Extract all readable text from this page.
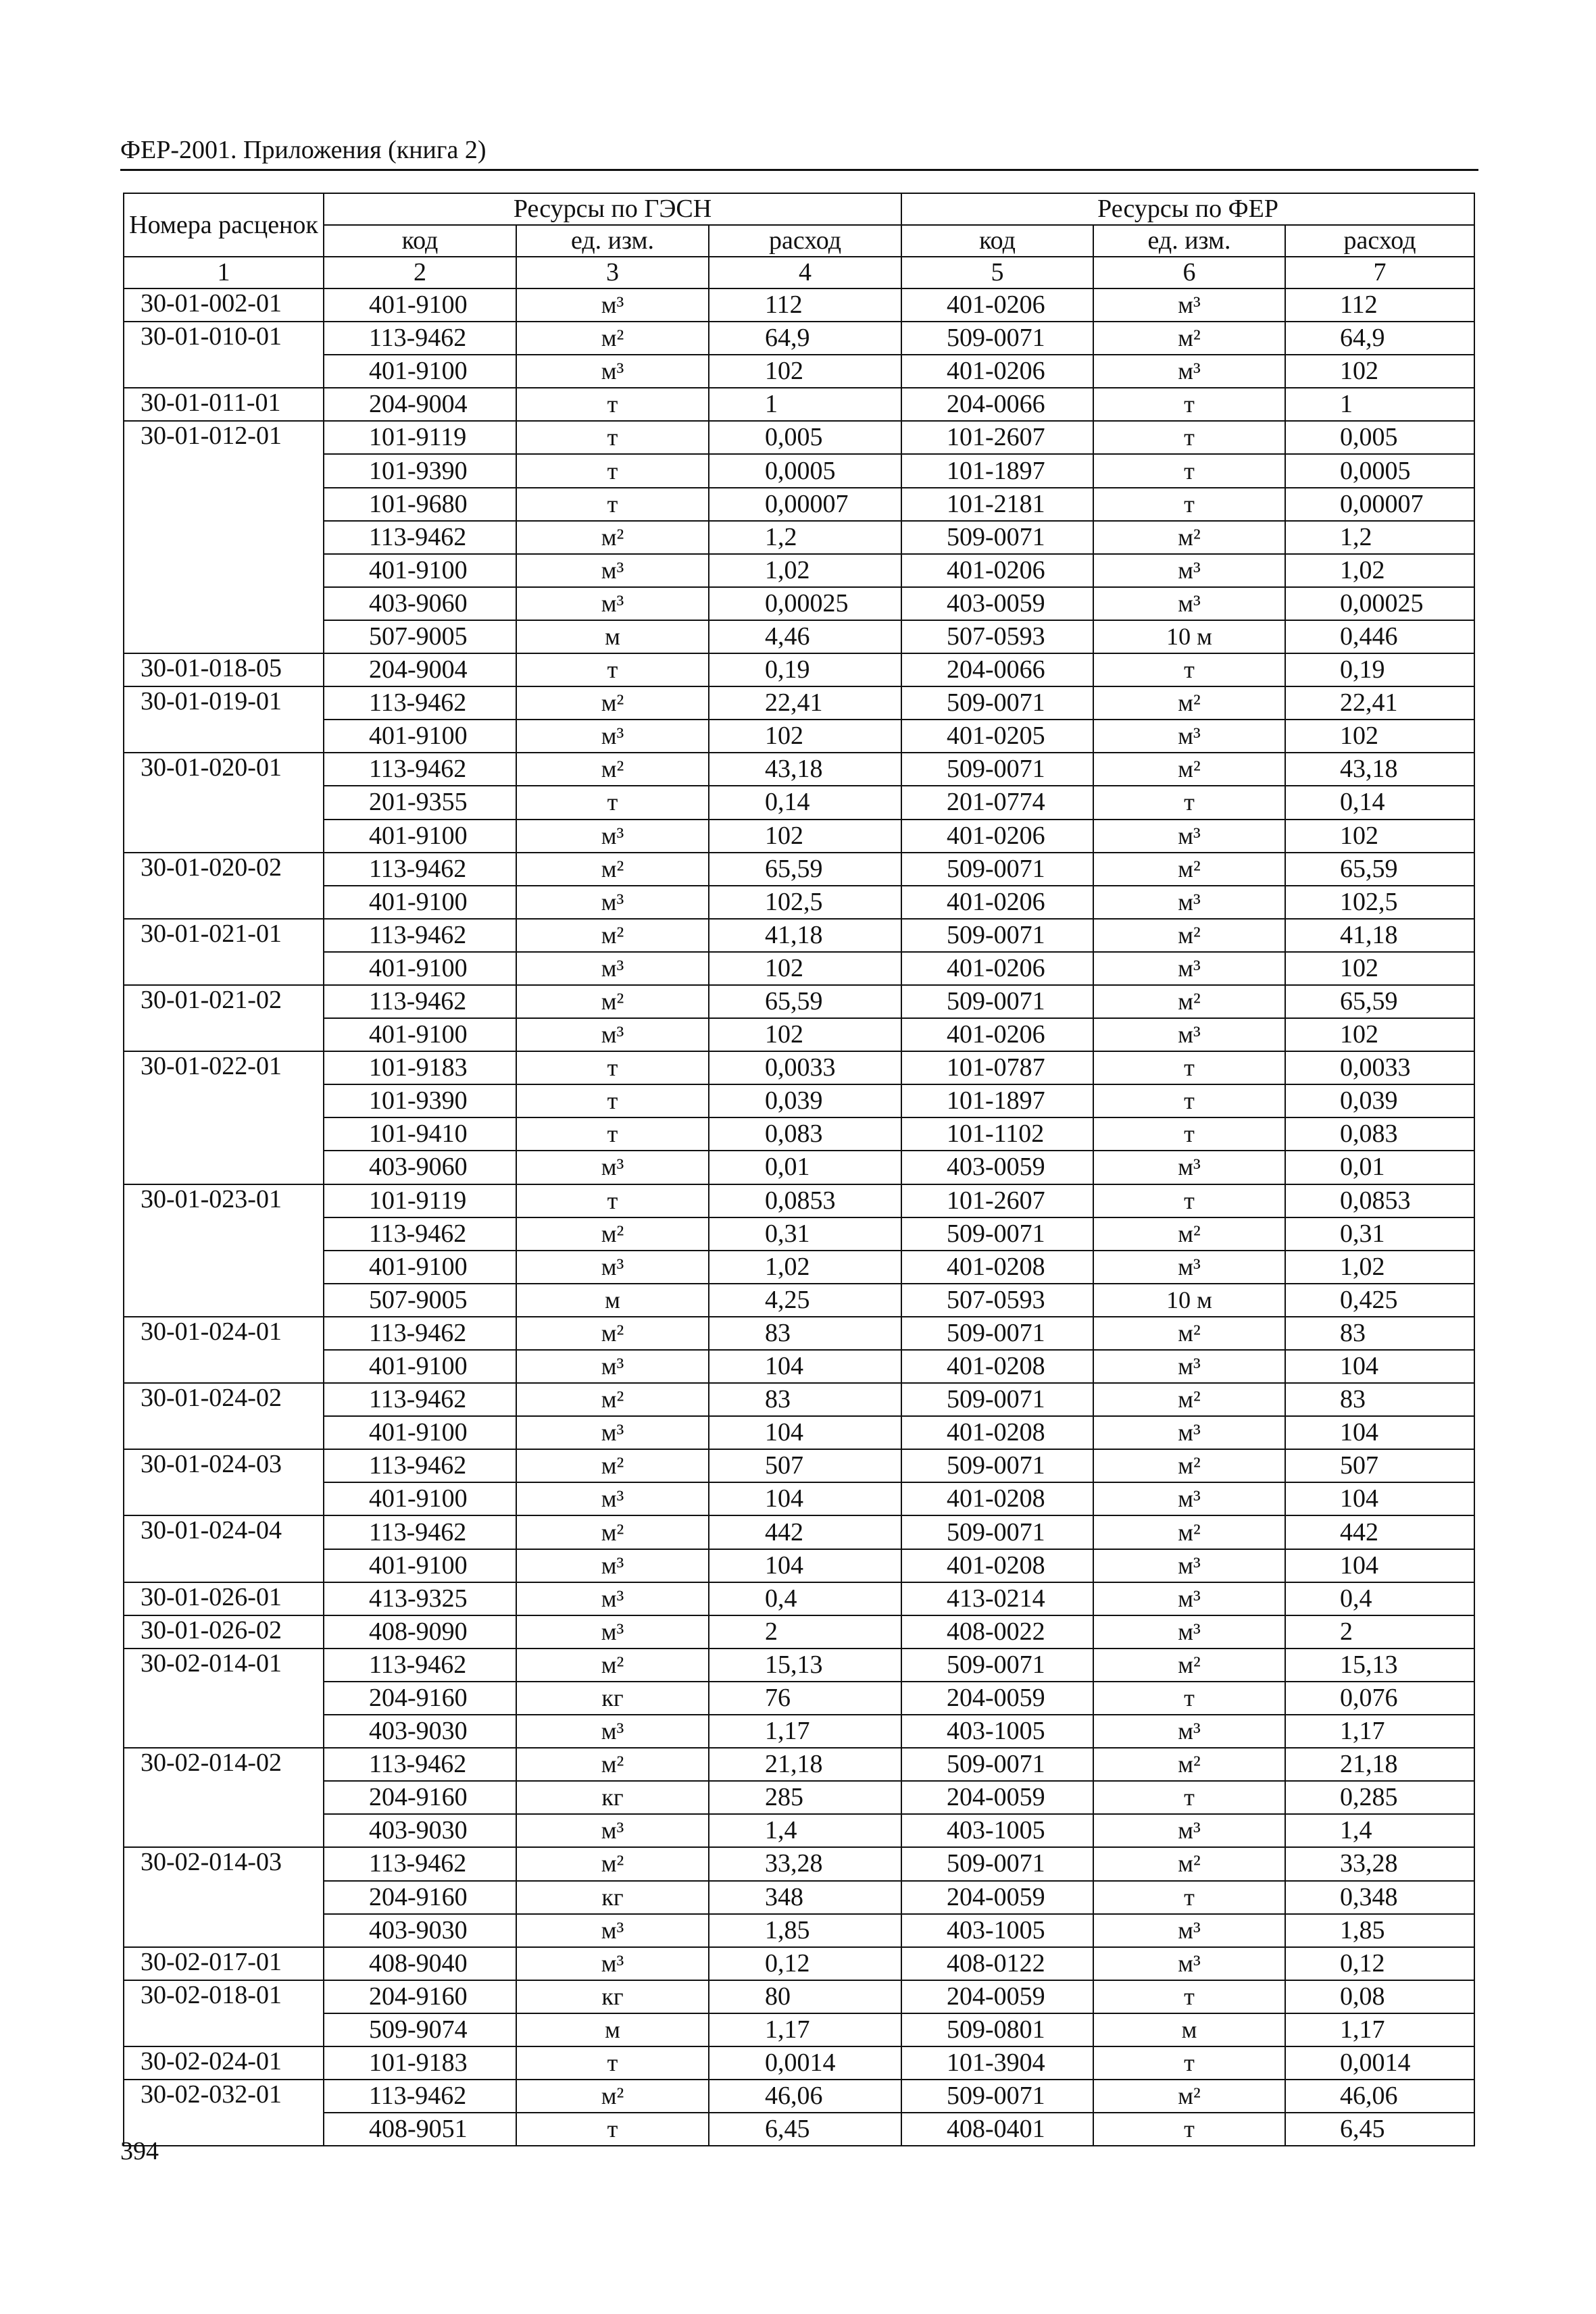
ФЕР-2001. Приложения (книга 2)
Номера расценок	Ресурсы по ГЭСН			Ресурсы по ФЕР		
	код	ед. изм.	расход	код	ед. изм.	расход
1	2	3	4	5	6	7
30-01-002-01	401-9100	м³	112	401-0206	м³	112
30-01-010-01	113-9462	м²	64,9	509-0071	м²	64,9
	401-9100	м³	102	401-0206	м³	102
30-01-011-01	204-9004	т	1	204-0066	т	1
30-01-012-01	101-9119	т	0,005	101-2607	т	0,005
	101-9390	т	0,0005	101-1897	т	0,0005
	101-9680	т	0,00007	101-2181	т	0,00007
	113-9462	м²	1,2	509-0071	м²	1,2
	401-9100	м³	1,02	401-0206	м³	1,02
	403-9060	м³	0,00025	403-0059	м³	0,00025
	507-9005	м	4,46	507-0593	10 м	0,446
30-01-018-05	204-9004	т	0,19	204-0066	т	0,19
30-01-019-01	113-9462	м²	22,41	509-0071	м²	22,41
	401-9100	м³	102	401-0205	м³	102
30-01-020-01	113-9462	м²	43,18	509-0071	м²	43,18
	201-9355	т	0,14	201-0774	т	0,14
	401-9100	м³	102	401-0206	м³	102
30-01-020-02	113-9462	м²	65,59	509-0071	м²	65,59
	401-9100	м³	102,5	401-0206	м³	102,5
30-01-021-01	113-9462	м²	41,18	509-0071	м²	41,18
	401-9100	м³	102	401-0206	м³	102
30-01-021-02	113-9462	м²	65,59	509-0071	м²	65,59
	401-9100	м³	102	401-0206	м³	102
30-01-022-01	101-9183	т	0,0033	101-0787	т	0,0033
	101-9390	т	0,039	101-1897	т	0,039
	101-9410	т	0,083	101-1102	т	0,083
	403-9060	м³	0,01	403-0059	м³	0,01
30-01-023-01	101-9119	т	0,0853	101-2607	т	0,0853
	113-9462	м²	0,31	509-0071	м²	0,31
	401-9100	м³	1,02	401-0208	м³	1,02
	507-9005	м	4,25	507-0593	10 м	0,425
30-01-024-01	113-9462	м²	83	509-0071	м²	83
	401-9100	м³	104	401-0208	м³	104
30-01-024-02	113-9462	м²	83	509-0071	м²	83
	401-9100	м³	104	401-0208	м³	104
30-01-024-03	113-9462	м²	507	509-0071	м²	507
	401-9100	м³	104	401-0208	м³	104
30-01-024-04	113-9462	м²	442	509-0071	м²	442
	401-9100	м³	104	401-0208	м³	104
30-01-026-01	413-9325	м³	0,4	413-0214	м³	0,4
30-01-026-02	408-9090	м³	2	408-0022	м³	2
30-02-014-01	113-9462	м²	15,13	509-0071	м²	15,13
	204-9160	кг	76	204-0059	т	0,076
	403-9030	м³	1,17	403-1005	м³	1,17
30-02-014-02	113-9462	м²	21,18	509-0071	м²	21,18
	204-9160	кг	285	204-0059	т	0,285
	403-9030	м³	1,4	403-1005	м³	1,4
30-02-014-03	113-9462	м²	33,28	509-0071	м²	33,28
	204-9160	кг	348	204-0059	т	0,348
	403-9030	м³	1,85	403-1005	м³	1,85
30-02-017-01	408-9040	м³	0,12	408-0122	м³	0,12
30-02-018-01	204-9160	кг	80	204-0059	т	0,08
	509-9074	м	1,17	509-0801	м	1,17
30-02-024-01	101-9183	т	0,0014	101-3904	т	0,0014
30-02-032-01	113-9462	м²	46,06	509-0071	м²	46,06
	408-9051	т	6,45	408-0401	т	6,45
394
